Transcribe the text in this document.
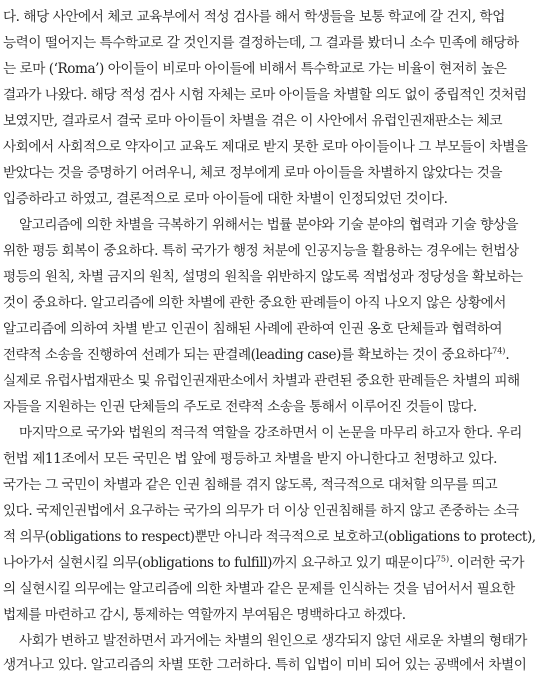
다. 해당 사안에서 체코 교육부에서 적성 검사를 해서 학생들을 보통 학교에 갈 건지, 학업
능력이 떨어지는 특수학교로 갈 것인지를 결정하는데, 그 결과를 봤더니 소수 민족에 해당하
는 로마 (‘Roma’) 아이들이 비로마 아이들에 비해서 특수학교로 가는 비율이 현저히 높은
결과가 나왔다. 해당 적성 검사 시험 자체는 로마 아이들을 차별할 의도 없이 중립적인 것처럼
보였지만, 결과로서 결국 로마 아이들이 차별을 겪은 이 사안에서 유럽인권재판소는 체코
사회에서 사회적으로 약자이고 교육도 제대로 받지 못한 로마 아이들이나 그 부모들이 차별을
받았다는 것을 증명하기 어려우니, 체코 정부에게 로마 아이들을 차별하지 않았다는 것을
입증하라고 하였고, 결론적으로 로마 아이들에 대한 차별이 인정되었던 것이다.
알고리즘에 의한 차별을 극복하기 위해서는 법률 분야와 기술 분야의 협력과 기술 향상을
위한 평등 회복이 중요하다. 특히 국가가 행정 처분에 인공지능을 활용하는 경우에는 헌법상
평등의 원칙, 차별 금지의 원칙, 설명의 원칙을 위반하지 않도록 적법성과 정당성을 확보하는
것이 중요하다. 알고리즘에 의한 차별에 관한 중요한 판례들이 아직 나오지 않은 상황에서
알고리즘에 의하여 차별 받고 인권이 침해된 사례에 관하여 인권 옹호 단체들과 협력하여
전략적 소송을 진행하여 선례가 되는 판결례(leading case)를 확보하는 것이 중요하다$^{74)}$.
실제로 유럽사법재판소 및 유럽인권재판소에서 차별과 관련된 중요한 판례들은 차별의 피해
자들을 지원하는 인권 단체들의 주도로 전략적 소송을 통해서 이루어진 것들이 많다.
마지막으로 국가와 법원의 적극적 역할을 강조하면서 이 논문을 마무리 하고자 한다. 우리
헌법 제11조에서 모든 국민은 법 앞에 평등하고 차별을 받지 아니한다고 천명하고 있다.
국가는 그 국민이 차별과 같은 인권 침해를 겪지 않도록, 적극적으로 대처할 의무를 띄고
있다. 국제인권법에서 요구하는 국가의 의무가 더 이상 인권침해를 하지 않고 존중하는 소극
적 의무(obligations to respect)뿐만 아니라 적극적으로 보호하고(obligations to protect),
나아가서 실현시킬 의무(obligations to fulfill)까지 요구하고 있기 때문이다$^{75)}$. 이러한 국가
의 실현시킬 의무에는 알고리즘에 의한 차별과 같은 문제를 인식하는 것을 넘어서서 필요한
법제를 마련하고 감시, 통제하는 역할까지 부여됨은 명백하다고 하겠다.
사회가 변하고 발전하면서 과거에는 차별의 원인으로 생각되지 않던 새로운 차별의 형태가
생겨나고 있다. 알고리즘의 차별 또한 그러하다. 특히 입법이 미비 되어 있는 공백에서 차별이
